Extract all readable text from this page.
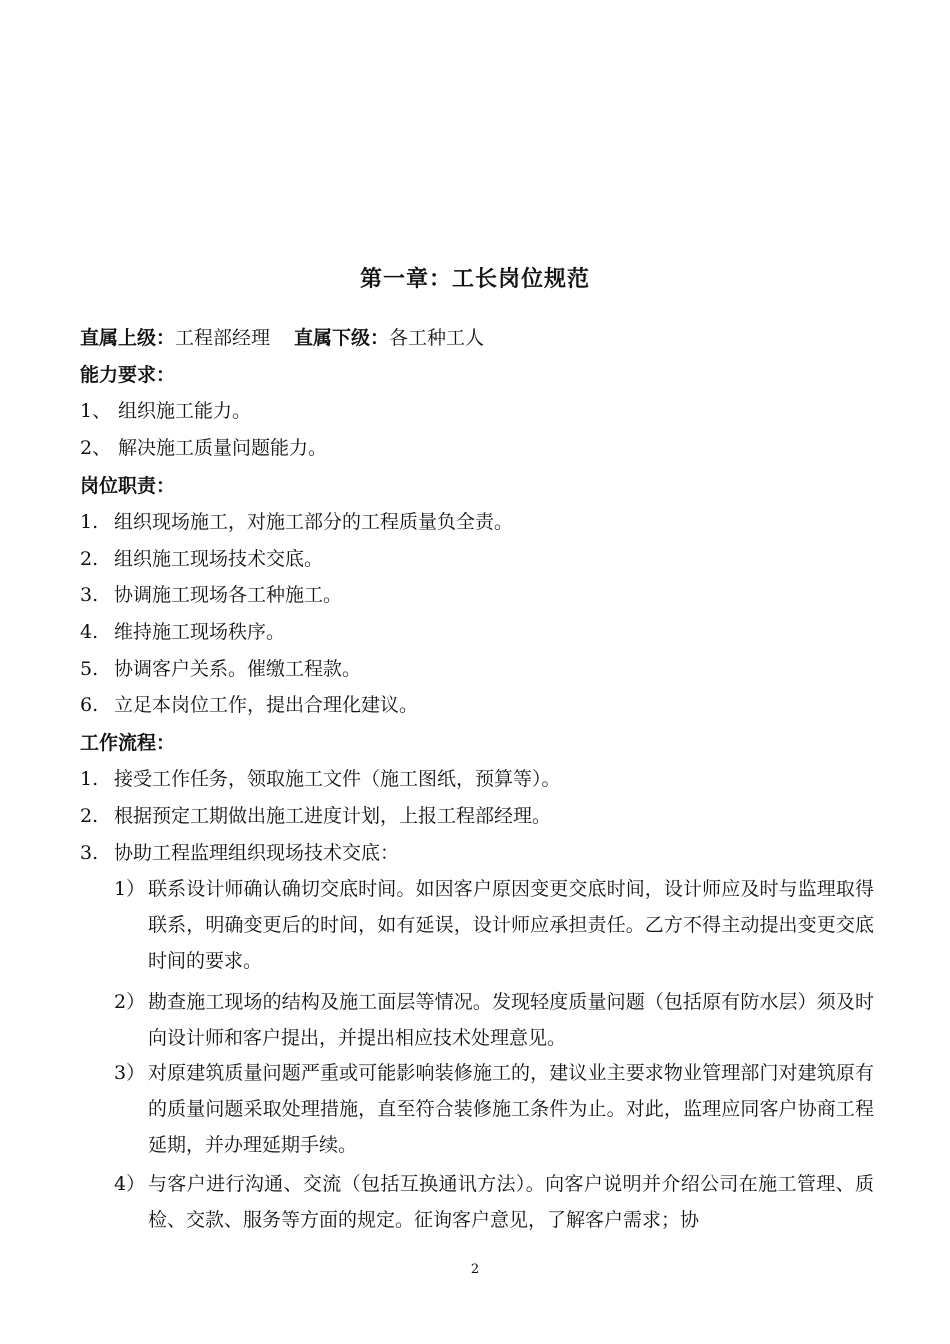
第一章：工长岗位规范
直属上级：工程部经理 直属下级：各工种工人
能力要求：
1、 组织施工能力。
2、 解决施工质量问题能力。
岗位职责：
1. 组织现场施工，对施工部分的工程质量负全责。
2. 组织施工现场技术交底。
3. 协调施工现场各工种施工。
4. 维持施工现场秩序。
5. 协调客户关系。催缴工程款。
6. 立足本岗位工作，提出合理化建议。
工作流程：
1. 接受工作任务，领取施工文件（施工图纸，预算等）。
2. 根据预定工期做出施工进度计划，上报工程部经理。
3. 协助工程监理组织现场技术交底：
1） 联系设计师确认确切交底时间。如因客户原因变更交底时间，设计师应及时与监理取得联系，明确变更后的时间，如有延误，设计师应承担责任。乙方不得主动提出变更交底时间的要求。
2） 勘查施工现场的结构及施工面层等情况。发现轻度质量问题（包括原有防水层）须及时向设计师和客户提出，并提出相应技术处理意见。
3） 对原建筑质量问题严重或可能影响装修施工的，建议业主要求物业管理部门对建筑原有的质量问题采取处理措施，直至符合装修施工条件为止。对此，监理应同客户协商工程延期，并办理延期手续。
4） 与客户进行沟通、交流（包括互换通讯方法）。向客户说明并介绍公司在施工管理、质检、交款、服务等方面的规定。征询客户意见，了解客户需求；协
2
